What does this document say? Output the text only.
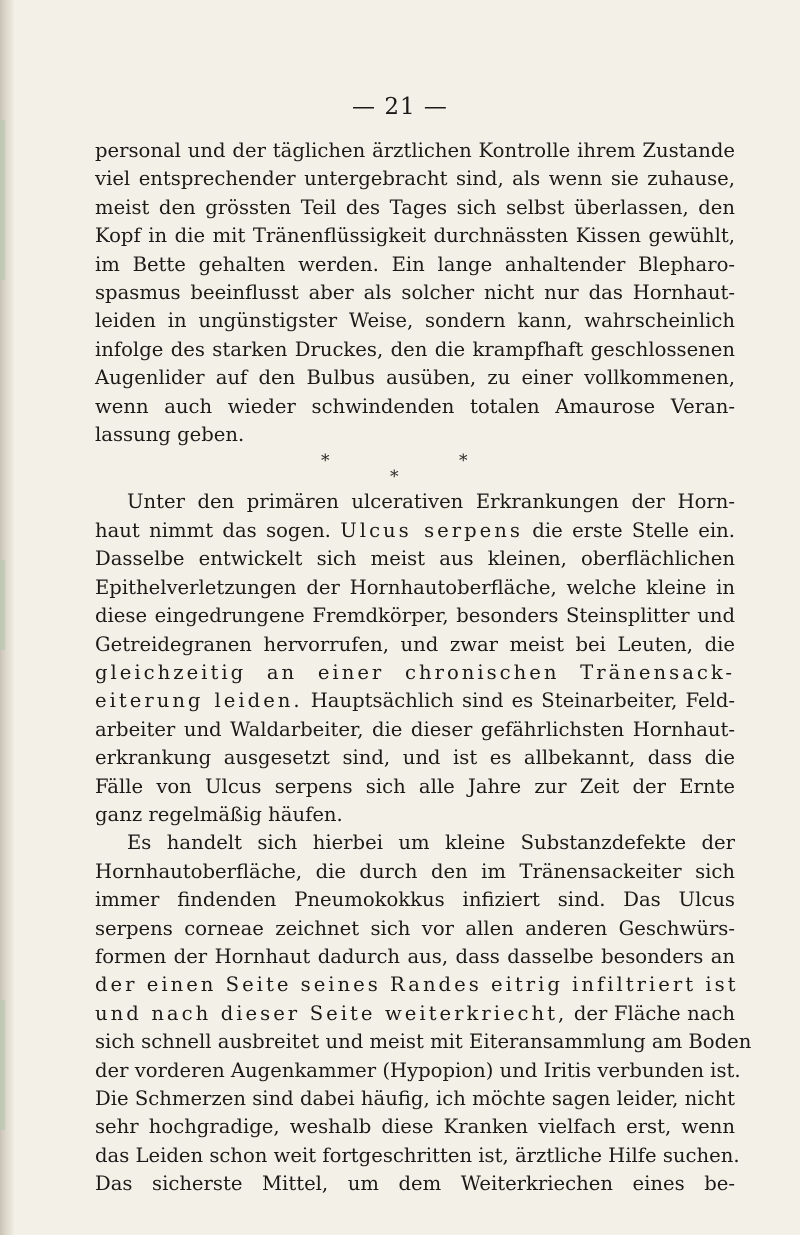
— 21 —
personal und der täglichen ärztlichen Kontrolle ihrem Zustande
viel entsprechender untergebracht sind, als wenn sie zuhause,
meist den grössten Teil des Tages sich selbst überlassen, den
Kopf in die mit Tränenflüssigkeit durchnässten Kissen gewühlt,
im Bette gehalten werden. Ein lange anhaltender Blepharo-
spasmus beeinflusst aber als solcher nicht nur das Hornhaut-
leiden in ungünstigster Weise, sondern kann, wahrscheinlich
infolge des starken Druckes, den die krampfhaft geschlossenen
Augenlider auf den Bulbus ausüben, zu einer vollkommenen,
wenn auch wieder schwindenden totalen Amaurose Veran-
lassung geben.
*	*
*
Unter den primären ulcerativen Erkrankungen der Horn-
haut nimmt das sogen. Ulcus serpens die erste Stelle ein.
Dasselbe entwickelt sich meist aus kleinen, oberflächlichen
Epithelverletzungen der Hornhautoberfläche, welche kleine in
diese eingedrungene Fremdkörper, besonders Steinsplitter und
Getreidegranen hervorrufen, und zwar meist bei Leuten, die
gleichzeitig an einer chronischen Tränensack-
eiterung leiden. Hauptsächlich sind es Steinarbeiter, Feld-
arbeiter und Waldarbeiter, die dieser gefährlichsten Hornhaut-
erkrankung ausgesetzt sind, und ist es allbekannt, dass die
Fälle von Ulcus serpens sich alle Jahre zur Zeit der Ernte
ganz regelmäßig häufen.
Es handelt sich hierbei um kleine Substanzdefekte der
Hornhautoberfläche, die durch den im Tränensackeiter sich
immer findenden Pneumokokkus infiziert sind. Das Ulcus
serpens corneae zeichnet sich vor allen anderen Geschwürs-
formen der Hornhaut dadurch aus, dass dasselbe besonders an
der einen Seite seines Randes eitrig infiltriert ist
und nach dieser Seite weiterkriecht, der Fläche nach
sich schnell ausbreitet und meist mit Eiteransammlung am Boden
der vorderen Augenkammer (Hypopion) und Iritis verbunden ist.
Die Schmerzen sind dabei häufig, ich möchte sagen leider, nicht
sehr hochgradige, weshalb diese Kranken vielfach erst, wenn
das Leiden schon weit fortgeschritten ist, ärztliche Hilfe suchen.
Das sicherste Mittel, um dem Weiterkriechen eines be-
